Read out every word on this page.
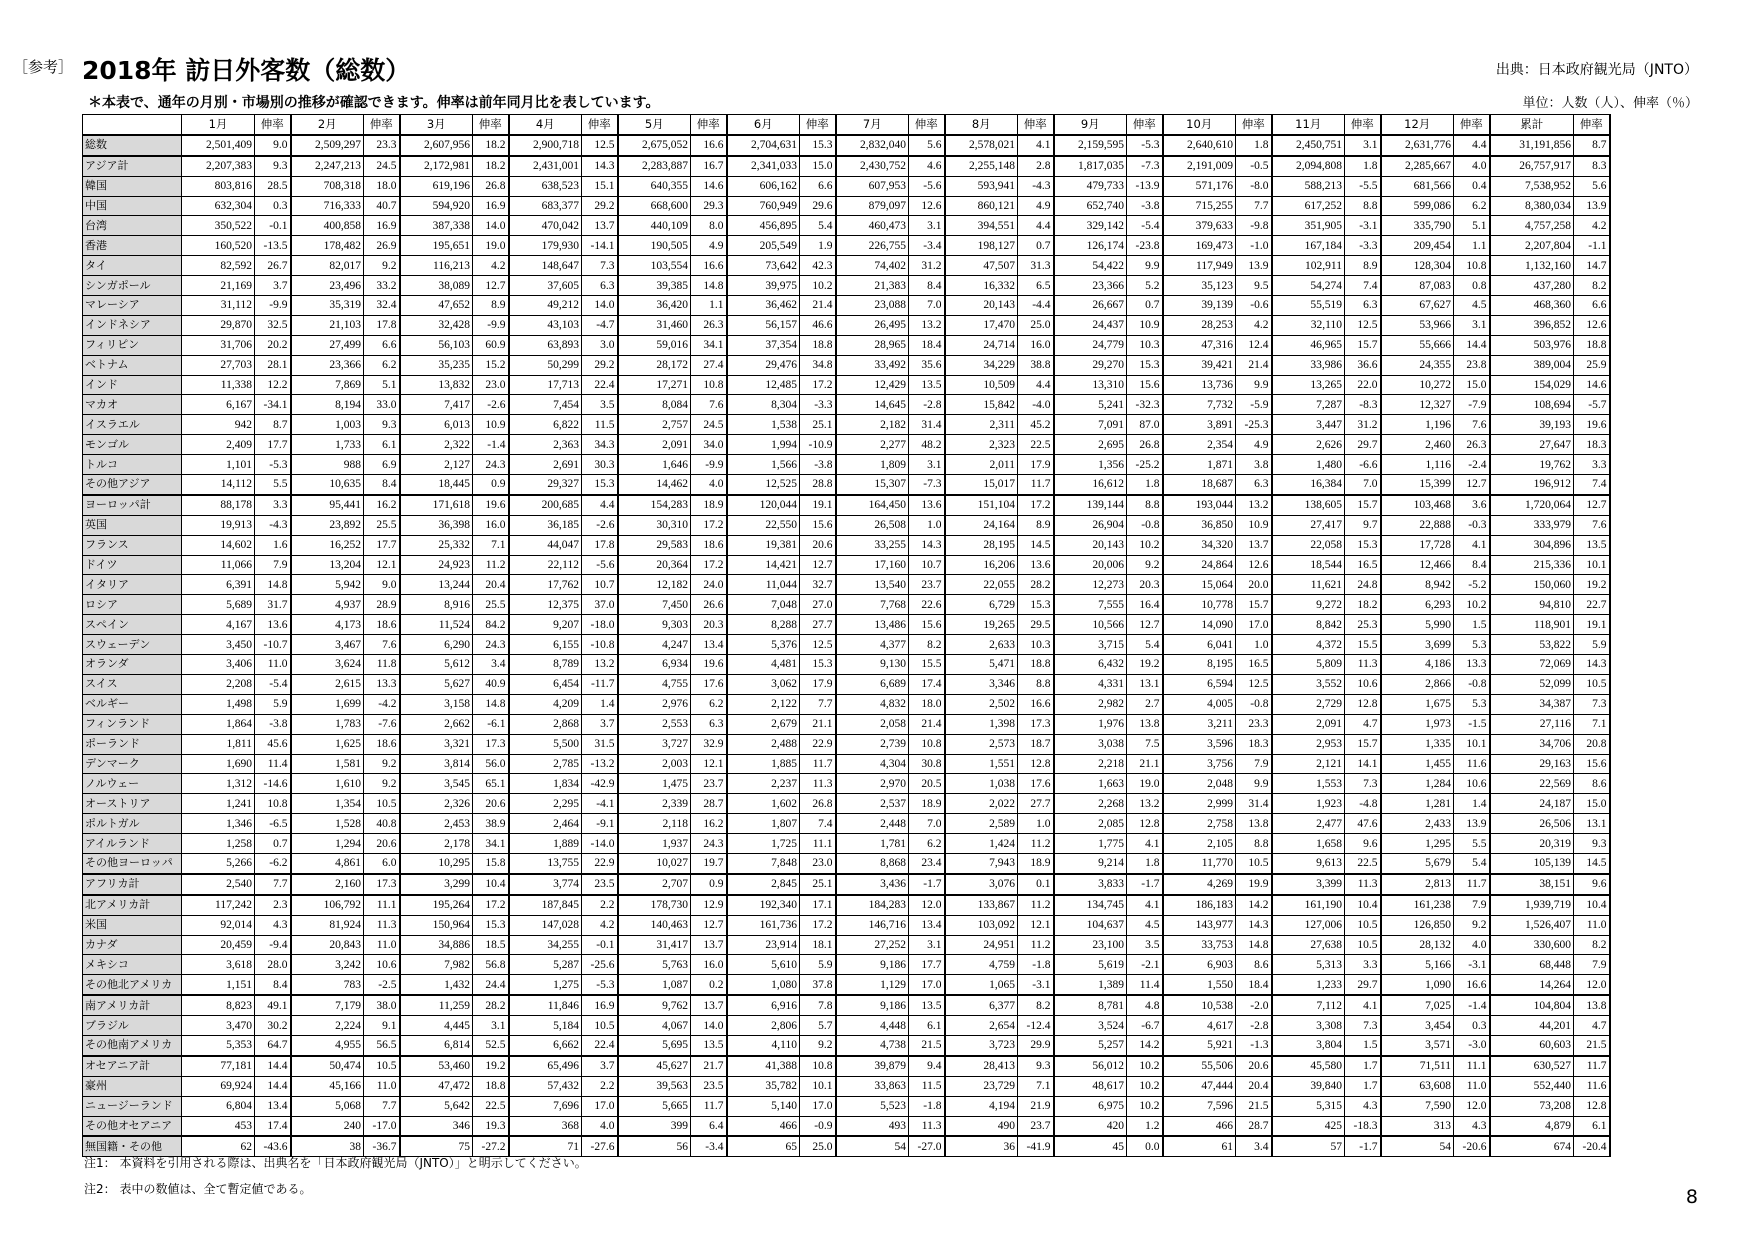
［参考］ 2018年 訪日外客数（総数）	出典：日本政府観光局（JNTO）
＊本表で、通年の月別・市場別の推移が確認できます。伸率は前年同月比を表しています。	単位：人数（人）、伸率（％）
	1月	伸率	2月	伸率	3月	伸率	4月	伸率	5月	伸率	6月	伸率	7月	伸率	8月	伸率	9月	伸率	10月	伸率	11月	伸率	12月	伸率	累計	伸率
総数	2,501,409	9.0	2,509,297	23.3	2,607,956	18.2	2,900,718	12.5	2,675,052	16.6	2,704,631	15.3	2,832,040	5.6	2,578,021	4.1	2,159,595	-5.3	2,640,610	1.8	2,450,751	3.1	2,631,776	4.4	31,191,856	8.7
アジア計	2,207,383	9.3	2,247,213	24.5	2,172,981	18.2	2,431,001	14.3	2,283,887	16.7	2,341,033	15.0	2,430,752	4.6	2,255,148	2.8	1,817,035	-7.3	2,191,009	-0.5	2,094,808	1.8	2,285,667	4.0	26,757,917	8.3
韓国	803,816	28.5	708,318	18.0	619,196	26.8	638,523	15.1	640,355	14.6	606,162	6.6	607,953	-5.6	593,941	-4.3	479,733	-13.9	571,176	-8.0	588,213	-5.5	681,566	0.4	7,538,952	5.6
中国	632,304	0.3	716,333	40.7	594,920	16.9	683,377	29.2	668,600	29.3	760,949	29.6	879,097	12.6	860,121	4.9	652,740	-3.8	715,255	7.7	617,252	8.8	599,086	6.2	8,380,034	13.9
台湾	350,522	-0.1	400,858	16.9	387,338	14.0	470,042	13.7	440,109	8.0	456,895	5.4	460,473	3.1	394,551	4.4	329,142	-5.4	379,633	-9.8	351,905	-3.1	335,790	5.1	4,757,258	4.2
香港	160,520	-13.5	178,482	26.9	195,651	19.0	179,930	-14.1	190,505	4.9	205,549	1.9	226,755	-3.4	198,127	0.7	126,174	-23.8	169,473	-1.0	167,184	-3.3	209,454	1.1	2,207,804	-1.1
タイ	82,592	26.7	82,017	9.2	116,213	4.2	148,647	7.3	103,554	16.6	73,642	42.3	74,402	31.2	47,507	31.3	54,422	9.9	117,949	13.9	102,911	8.9	128,304	10.8	1,132,160	14.7
シンガポール	21,169	3.7	23,496	33.2	38,089	12.7	37,605	6.3	39,385	14.8	39,975	10.2	21,383	8.4	16,332	6.5	23,366	5.2	35,123	9.5	54,274	7.4	87,083	0.8	437,280	8.2
マレーシア	31,112	-9.9	35,319	32.4	47,652	8.9	49,212	14.0	36,420	1.1	36,462	21.4	23,088	7.0	20,143	-4.4	26,667	0.7	39,139	-0.6	55,519	6.3	67,627	4.5	468,360	6.6
インドネシア	29,870	32.5	21,103	17.8	32,428	-9.9	43,103	-4.7	31,460	26.3	56,157	46.6	26,495	13.2	17,470	25.0	24,437	10.9	28,253	4.2	32,110	12.5	53,966	3.1	396,852	12.6
フィリピン	31,706	20.2	27,499	6.6	56,103	60.9	63,893	3.0	59,016	34.1	37,354	18.8	28,965	18.4	24,714	16.0	24,779	10.3	47,316	12.4	46,965	15.7	55,666	14.4	503,976	18.8
ベトナム	27,703	28.1	23,366	6.2	35,235	15.2	50,299	29.2	28,172	27.4	29,476	34.8	33,492	35.6	34,229	38.8	29,270	15.3	39,421	21.4	33,986	36.6	24,355	23.8	389,004	25.9
インド	11,338	12.2	7,869	5.1	13,832	23.0	17,713	22.4	17,271	10.8	12,485	17.2	12,429	13.5	10,509	4.4	13,310	15.6	13,736	9.9	13,265	22.0	10,272	15.0	154,029	14.6
マカオ	6,167	-34.1	8,194	33.0	7,417	-2.6	7,454	3.5	8,084	7.6	8,304	-3.3	14,645	-2.8	15,842	-4.0	5,241	-32.3	7,732	-5.9	7,287	-8.3	12,327	-7.9	108,694	-5.7
イスラエル	942	8.7	1,003	9.3	6,013	10.9	6,822	11.5	2,757	24.5	1,538	25.1	2,182	31.4	2,311	45.2	7,091	87.0	3,891	-25.3	3,447	31.2	1,196	7.6	39,193	19.6
モンゴル	2,409	17.7	1,733	6.1	2,322	-1.4	2,363	34.3	2,091	34.0	1,994	-10.9	2,277	48.2	2,323	22.5	2,695	26.8	2,354	4.9	2,626	29.7	2,460	26.3	27,647	18.3
トルコ	1,101	-5.3	988	6.9	2,127	24.3	2,691	30.3	1,646	-9.9	1,566	-3.8	1,809	3.1	2,011	17.9	1,356	-25.2	1,871	3.8	1,480	-6.6	1,116	-2.4	19,762	3.3
その他アジア	14,112	5.5	10,635	8.4	18,445	0.9	29,327	15.3	14,462	4.0	12,525	28.8	15,307	-7.3	15,017	11.7	16,612	1.8	18,687	6.3	16,384	7.0	15,399	12.7	196,912	7.4
ヨーロッパ計	88,178	3.3	95,441	16.2	171,618	19.6	200,685	4.4	154,283	18.9	120,044	19.1	164,450	13.6	151,104	17.2	139,144	8.8	193,044	13.2	138,605	15.7	103,468	3.6	1,720,064	12.7
英国	19,913	-4.3	23,892	25.5	36,398	16.0	36,185	-2.6	30,310	17.2	22,550	15.6	26,508	1.0	24,164	8.9	26,904	-0.8	36,850	10.9	27,417	9.7	22,888	-0.3	333,979	7.6
フランス	14,602	1.6	16,252	17.7	25,332	7.1	44,047	17.8	29,583	18.6	19,381	20.6	33,255	14.3	28,195	14.5	20,143	10.2	34,320	13.7	22,058	15.3	17,728	4.1	304,896	13.5
ドイツ	11,066	7.9	13,204	12.1	24,923	11.2	22,112	-5.6	20,364	17.2	14,421	12.7	17,160	10.7	16,206	13.6	20,006	9.2	24,864	12.6	18,544	16.5	12,466	8.4	215,336	10.1
イタリア	6,391	14.8	5,942	9.0	13,244	20.4	17,762	10.7	12,182	24.0	11,044	32.7	13,540	23.7	22,055	28.2	12,273	20.3	15,064	20.0	11,621	24.8	8,942	-5.2	150,060	19.2
ロシア	5,689	31.7	4,937	28.9	8,916	25.5	12,375	37.0	7,450	26.6	7,048	27.0	7,768	22.6	6,729	15.3	7,555	16.4	10,778	15.7	9,272	18.2	6,293	10.2	94,810	22.7
スペイン	4,167	13.6	4,173	18.6	11,524	84.2	9,207	-18.0	9,303	20.3	8,288	27.7	13,486	15.6	19,265	29.5	10,566	12.7	14,090	17.0	8,842	25.3	5,990	1.5	118,901	19.1
スウェーデン	3,450	-10.7	3,467	7.6	6,290	24.3	6,155	-10.8	4,247	13.4	5,376	12.5	4,377	8.2	2,633	10.3	3,715	5.4	6,041	1.0	4,372	15.5	3,699	5.3	53,822	5.9
オランダ	3,406	11.0	3,624	11.8	5,612	3.4	8,789	13.2	6,934	19.6	4,481	15.3	9,130	15.5	5,471	18.8	6,432	19.2	8,195	16.5	5,809	11.3	4,186	13.3	72,069	14.3
スイス	2,208	-5.4	2,615	13.3	5,627	40.9	6,454	-11.7	4,755	17.6	3,062	17.9	6,689	17.4	3,346	8.8	4,331	13.1	6,594	12.5	3,552	10.6	2,866	-0.8	52,099	10.5
ベルギー	1,498	5.9	1,699	-4.2	3,158	14.8	4,209	1.4	2,976	6.2	2,122	7.7	4,832	18.0	2,502	16.6	2,982	2.7	4,005	-0.8	2,729	12.8	1,675	5.3	34,387	7.3
フィンランド	1,864	-3.8	1,783	-7.6	2,662	-6.1	2,868	3.7	2,553	6.3	2,679	21.1	2,058	21.4	1,398	17.3	1,976	13.8	3,211	23.3	2,091	4.7	1,973	-1.5	27,116	7.1
ポーランド	1,811	45.6	1,625	18.6	3,321	17.3	5,500	31.5	3,727	32.9	2,488	22.9	2,739	10.8	2,573	18.7	3,038	7.5	3,596	18.3	2,953	15.7	1,335	10.1	34,706	20.8
デンマーク	1,690	11.4	1,581	9.2	3,814	56.0	2,785	-13.2	2,003	12.1	1,885	11.7	4,304	30.8	1,551	12.8	2,218	21.1	3,756	7.9	2,121	14.1	1,455	11.6	29,163	15.6
ノルウェー	1,312	-14.6	1,610	9.2	3,545	65.1	1,834	-42.9	1,475	23.7	2,237	11.3	2,970	20.5	1,038	17.6	1,663	19.0	2,048	9.9	1,553	7.3	1,284	10.6	22,569	8.6
オーストリア	1,241	10.8	1,354	10.5	2,326	20.6	2,295	-4.1	2,339	28.7	1,602	26.8	2,537	18.9	2,022	27.7	2,268	13.2	2,999	31.4	1,923	-4.8	1,281	1.4	24,187	15.0
ポルトガル	1,346	-6.5	1,528	40.8	2,453	38.9	2,464	-9.1	2,118	16.2	1,807	7.4	2,448	7.0	2,589	1.0	2,085	12.8	2,758	13.8	2,477	47.6	2,433	13.9	26,506	13.1
アイルランド	1,258	0.7	1,294	20.6	2,178	34.1	1,889	-14.0	1,937	24.3	1,725	11.1	1,781	6.2	1,424	11.2	1,775	4.1	2,105	8.8	1,658	9.6	1,295	5.5	20,319	9.3
その他ヨーロッパ	5,266	-6.2	4,861	6.0	10,295	15.8	13,755	22.9	10,027	19.7	7,848	23.0	8,868	23.4	7,943	18.9	9,214	1.8	11,770	10.5	9,613	22.5	5,679	5.4	105,139	14.5
アフリカ計	2,540	7.7	2,160	17.3	3,299	10.4	3,774	23.5	2,707	0.9	2,845	25.1	3,436	-1.7	3,076	0.1	3,833	-1.7	4,269	19.9	3,399	11.3	2,813	11.7	38,151	9.6
北アメリカ計	117,242	2.3	106,792	11.1	195,264	17.2	187,845	2.2	178,730	12.9	192,340	17.1	184,283	12.0	133,867	11.2	134,745	4.1	186,183	14.2	161,190	10.4	161,238	7.9	1,939,719	10.4
米国	92,014	4.3	81,924	11.3	150,964	15.3	147,028	4.2	140,463	12.7	161,736	17.2	146,716	13.4	103,092	12.1	104,637	4.5	143,977	14.3	127,006	10.5	126,850	9.2	1,526,407	11.0
カナダ	20,459	-9.4	20,843	11.0	34,886	18.5	34,255	-0.1	31,417	13.7	23,914	18.1	27,252	3.1	24,951	11.2	23,100	3.5	33,753	14.8	27,638	10.5	28,132	4.0	330,600	8.2
メキシコ	3,618	28.0	3,242	10.6	7,982	56.8	5,287	-25.6	5,763	16.0	5,610	5.9	9,186	17.7	4,759	-1.8	5,619	-2.1	6,903	8.6	5,313	3.3	5,166	-3.1	68,448	7.9
その他北アメリカ	1,151	8.4	783	-2.5	1,432	24.4	1,275	-5.3	1,087	0.2	1,080	37.8	1,129	17.0	1,065	-3.1	1,389	11.4	1,550	18.4	1,233	29.7	1,090	16.6	14,264	12.0
南アメリカ計	8,823	49.1	7,179	38.0	11,259	28.2	11,846	16.9	9,762	13.7	6,916	7.8	9,186	13.5	6,377	8.2	8,781	4.8	10,538	-2.0	7,112	4.1	7,025	-1.4	104,804	13.8
ブラジル	3,470	30.2	2,224	9.1	4,445	3.1	5,184	10.5	4,067	14.0	2,806	5.7	4,448	6.1	2,654	-12.4	3,524	-6.7	4,617	-2.8	3,308	7.3	3,454	0.3	44,201	4.7
その他南アメリカ	5,353	64.7	4,955	56.5	6,814	52.5	6,662	22.4	5,695	13.5	4,110	9.2	4,738	21.5	3,723	29.9	5,257	14.2	5,921	-1.3	3,804	1.5	3,571	-3.0	60,603	21.5
オセアニア計	77,181	14.4	50,474	10.5	53,460	19.2	65,496	3.7	45,627	21.7	41,388	10.8	39,879	9.4	28,413	9.3	56,012	10.2	55,506	20.6	45,580	1.7	71,511	11.1	630,527	11.7
豪州	69,924	14.4	45,166	11.0	47,472	18.8	57,432	2.2	39,563	23.5	35,782	10.1	33,863	11.5	23,729	7.1	48,617	10.2	47,444	20.4	39,840	1.7	63,608	11.0	552,440	11.6
ニュージーランド	6,804	13.4	5,068	7.7	5,642	22.5	7,696	17.0	5,665	11.7	5,140	17.0	5,523	-1.8	4,194	21.9	6,975	10.2	7,596	21.5	5,315	4.3	7,590	12.0	73,208	12.8
その他オセアニア	453	17.4	240	-17.0	346	19.3	368	4.0	399	6.4	466	-0.9	493	11.3	490	23.7	420	1.2	466	28.7	425	-18.3	313	4.3	4,879	6.1
無国籍・その他	62	-43.6	38	-36.7	75	-27.2	71	-27.6	56	-3.4	65	25.0	54	-27.0	36	-41.9	45	0.0	61	3.4	57	-1.7	54	-20.6	674	-20.4
注1： 本資料を引用される際は、出典名を「日本政府観光局（JNTO）」と明示してください。
注2： 表中の数値は、全て暫定値である。	8
